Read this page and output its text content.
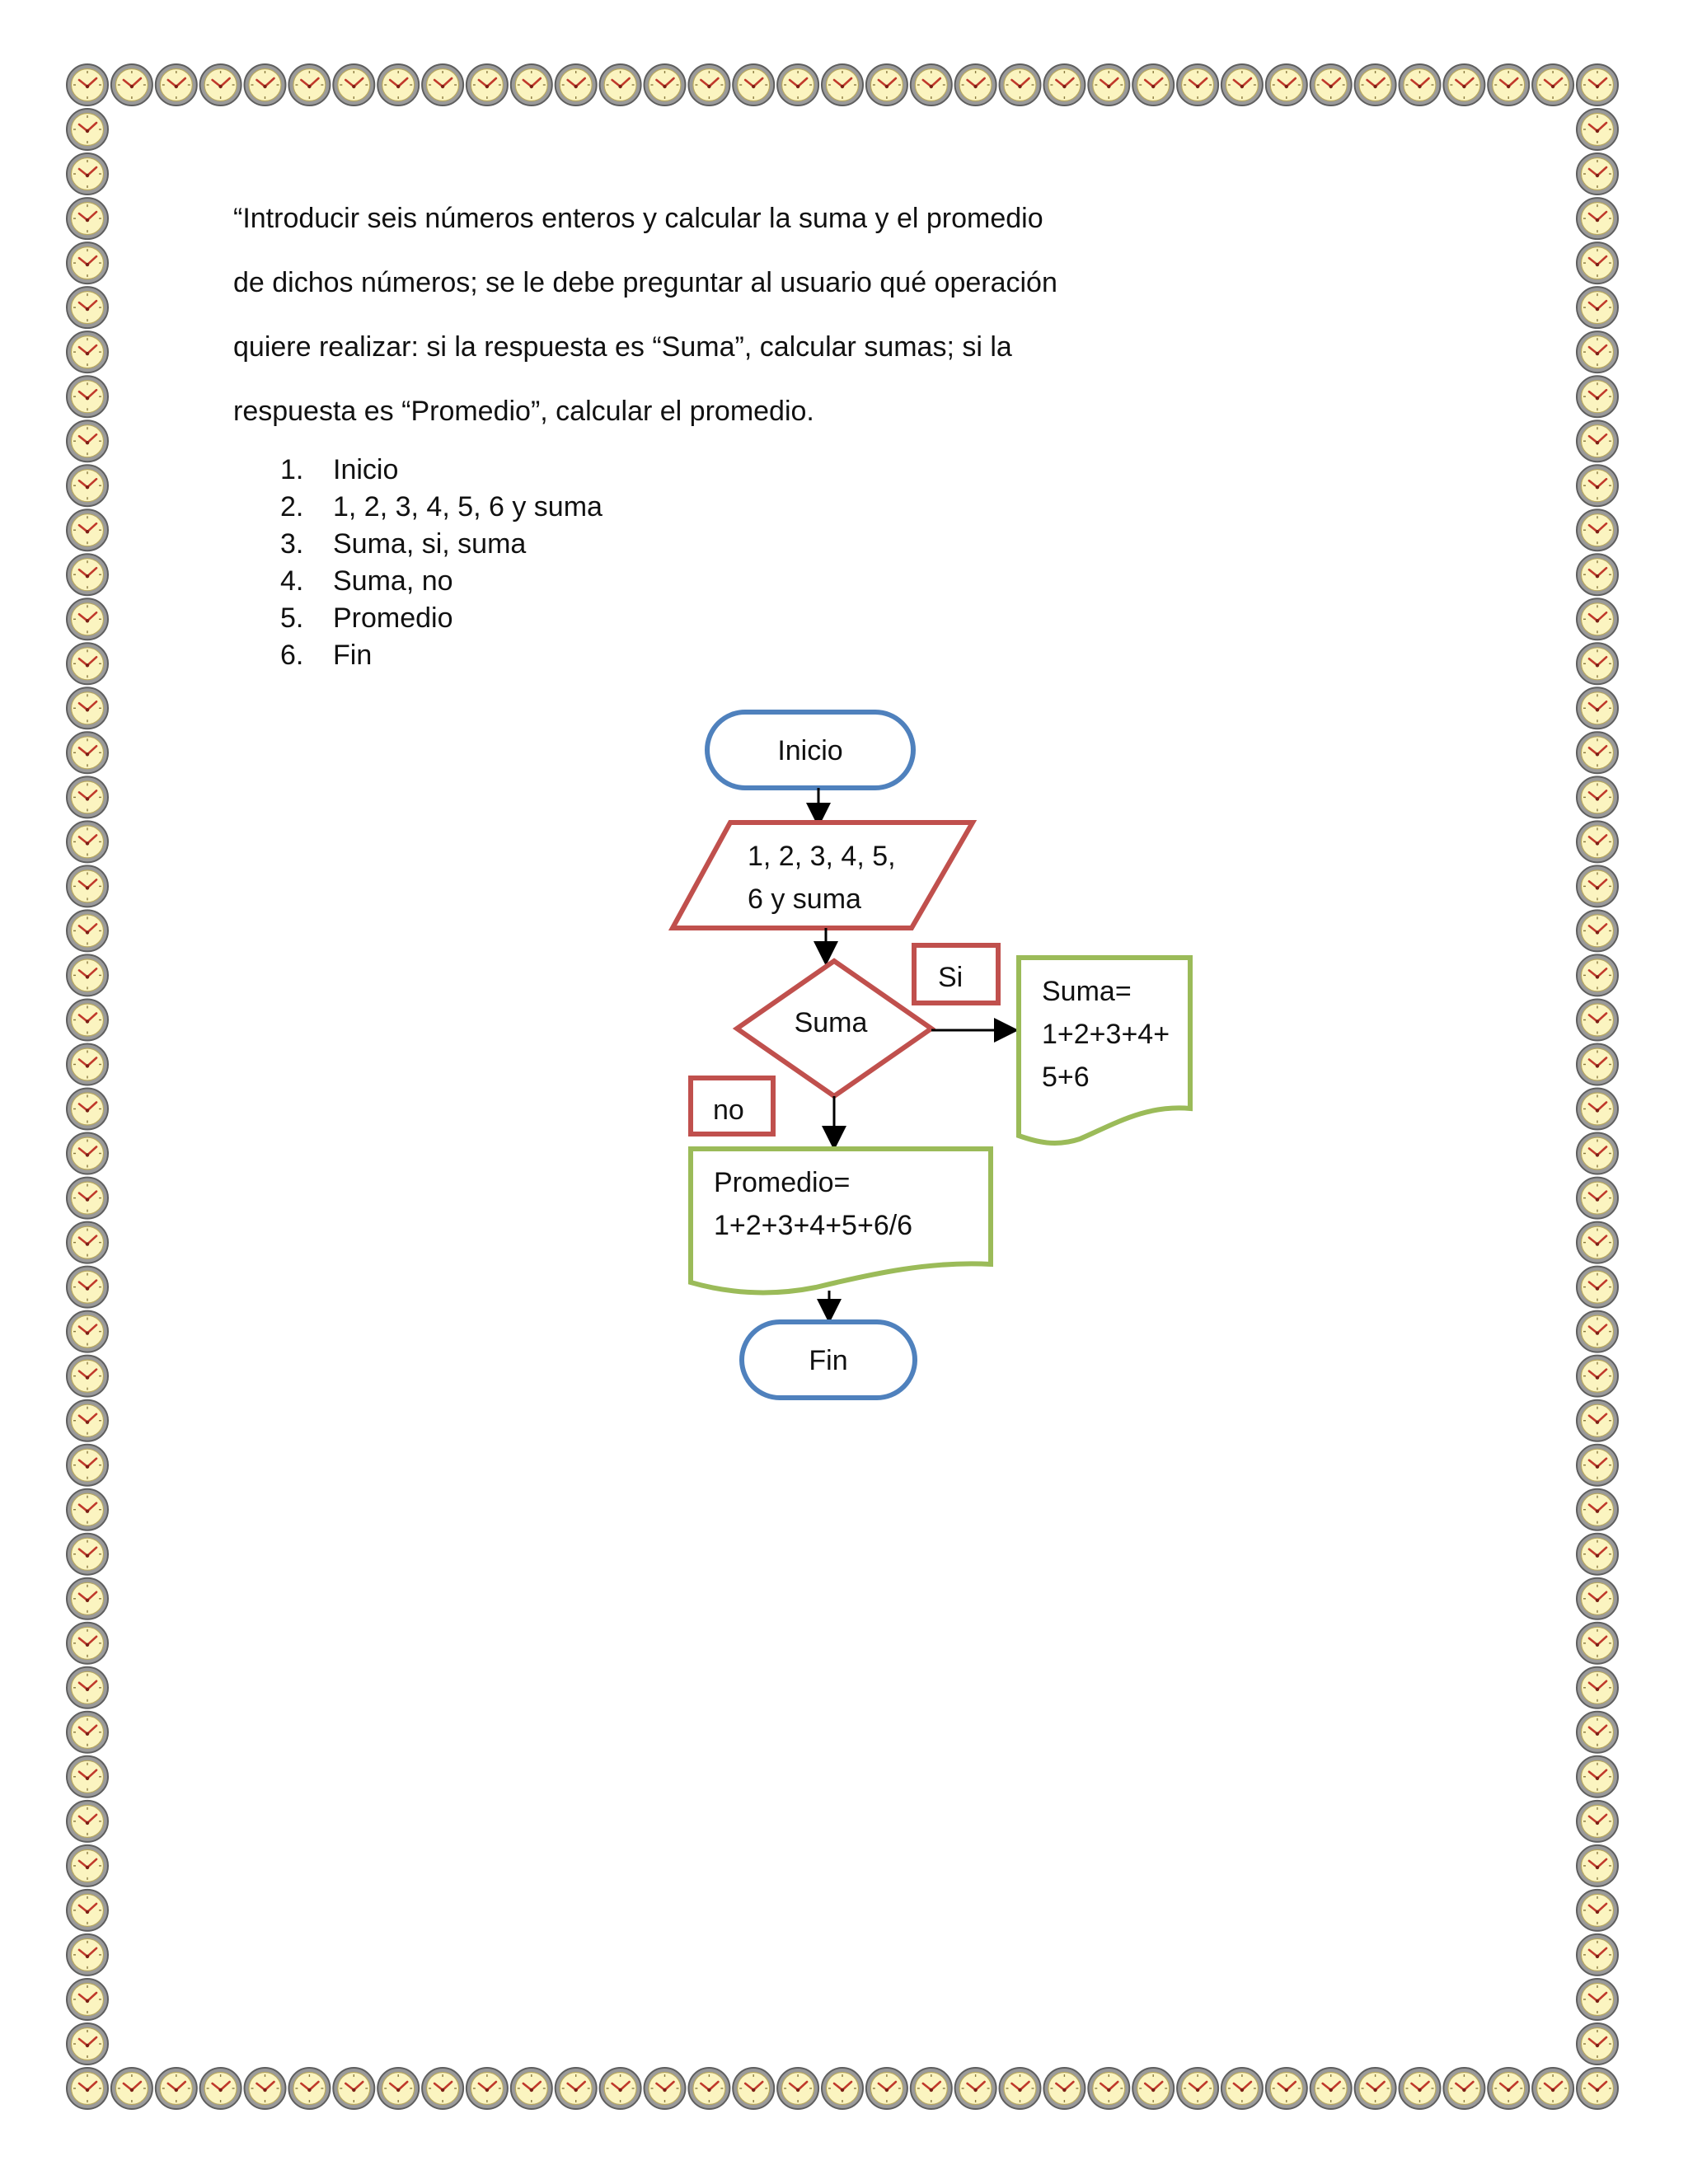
“Introducir seis números enteros y calcular la suma y el promedio
de dichos números; se le debe preguntar al usuario qué operación
quiere realizar: si la respuesta es “Suma”, calcular sumas; si la
respuesta es “Promedio”, calcular el promedio.
1.	Inicio
2.	1, 2, 3, 4, 5, 6 y suma
3.	Suma, si, suma
4.	Suma, no
5.	Promedio
6.	Fin
Inicio
1, 2, 3, 4, 5,
6 y suma
Suma
Si	Suma=
1+2+3+4+
5+6
no
Promedio=
1+2+3+4+5+6/6
Fin
